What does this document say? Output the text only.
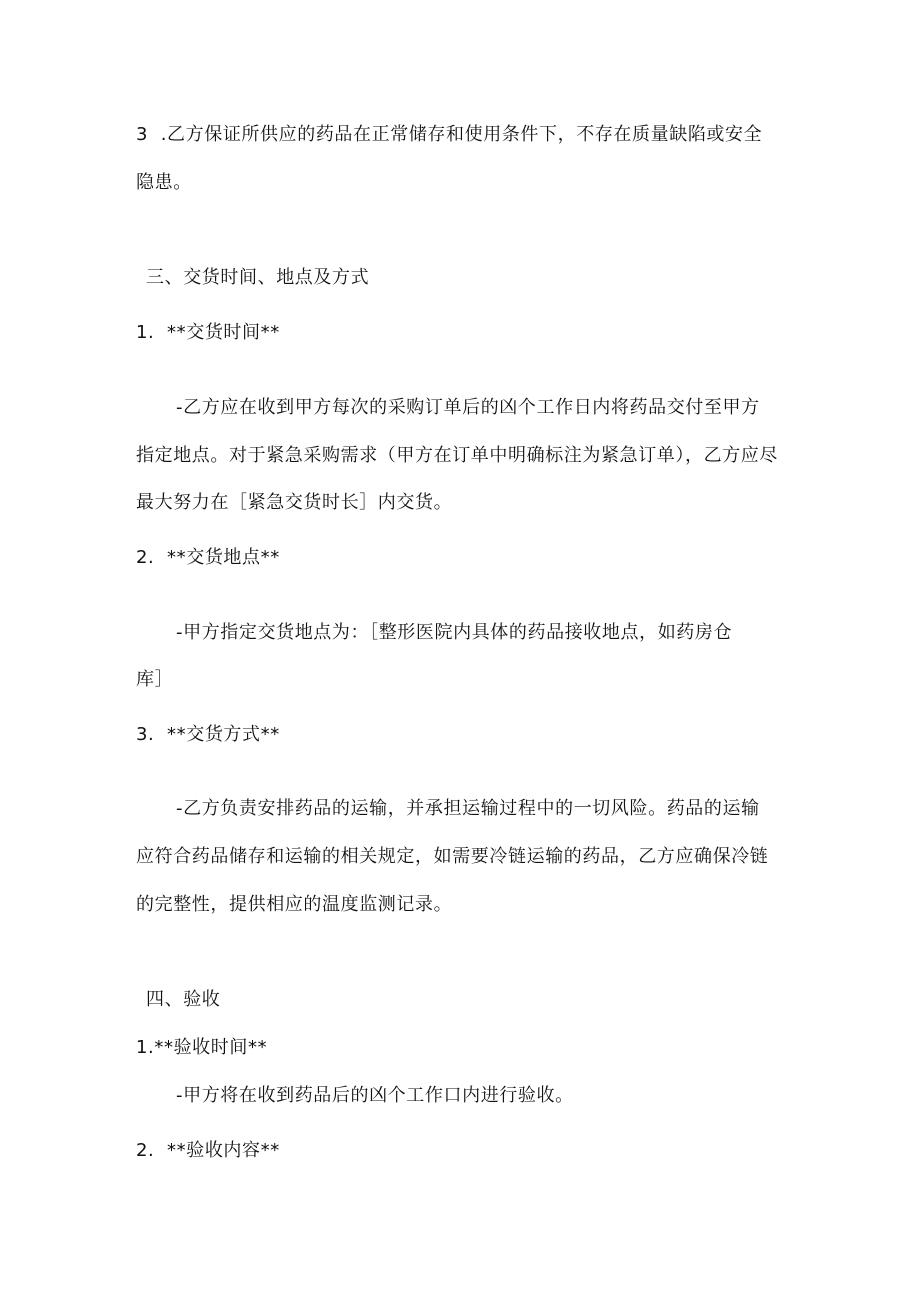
3  .乙方保证所供应的药品在正常储存和使用条件下，不存在质量缺陷或安全
隐患。
三、交货时间、地点及方式
1.  **交货时间**
-乙方应在收到甲方每次的采购订单后的凶个工作日内将药品交付至甲方
指定地点。对于紧急采购需求（甲方在订单中明确标注为紧急订单），乙方应尽
最大努力在［紧急交货时长］内交货。
2.  **交货地点**
-甲方指定交货地点为：［整形医院内具体的药品接收地点，如药房仓
库］
3.  **交货方式**
-乙方负责安排药品的运输，并承担运输过程中的一切风险。药品的运输
应符合药品储存和运输的相关规定，如需要冷链运输的药品，乙方应确保冷链
的完整性，提供相应的温度监测记录。
四、验收
1.**验收时间**
-甲方将在收到药品后的凶个工作口内进行验收。
2.  **验收内容**
